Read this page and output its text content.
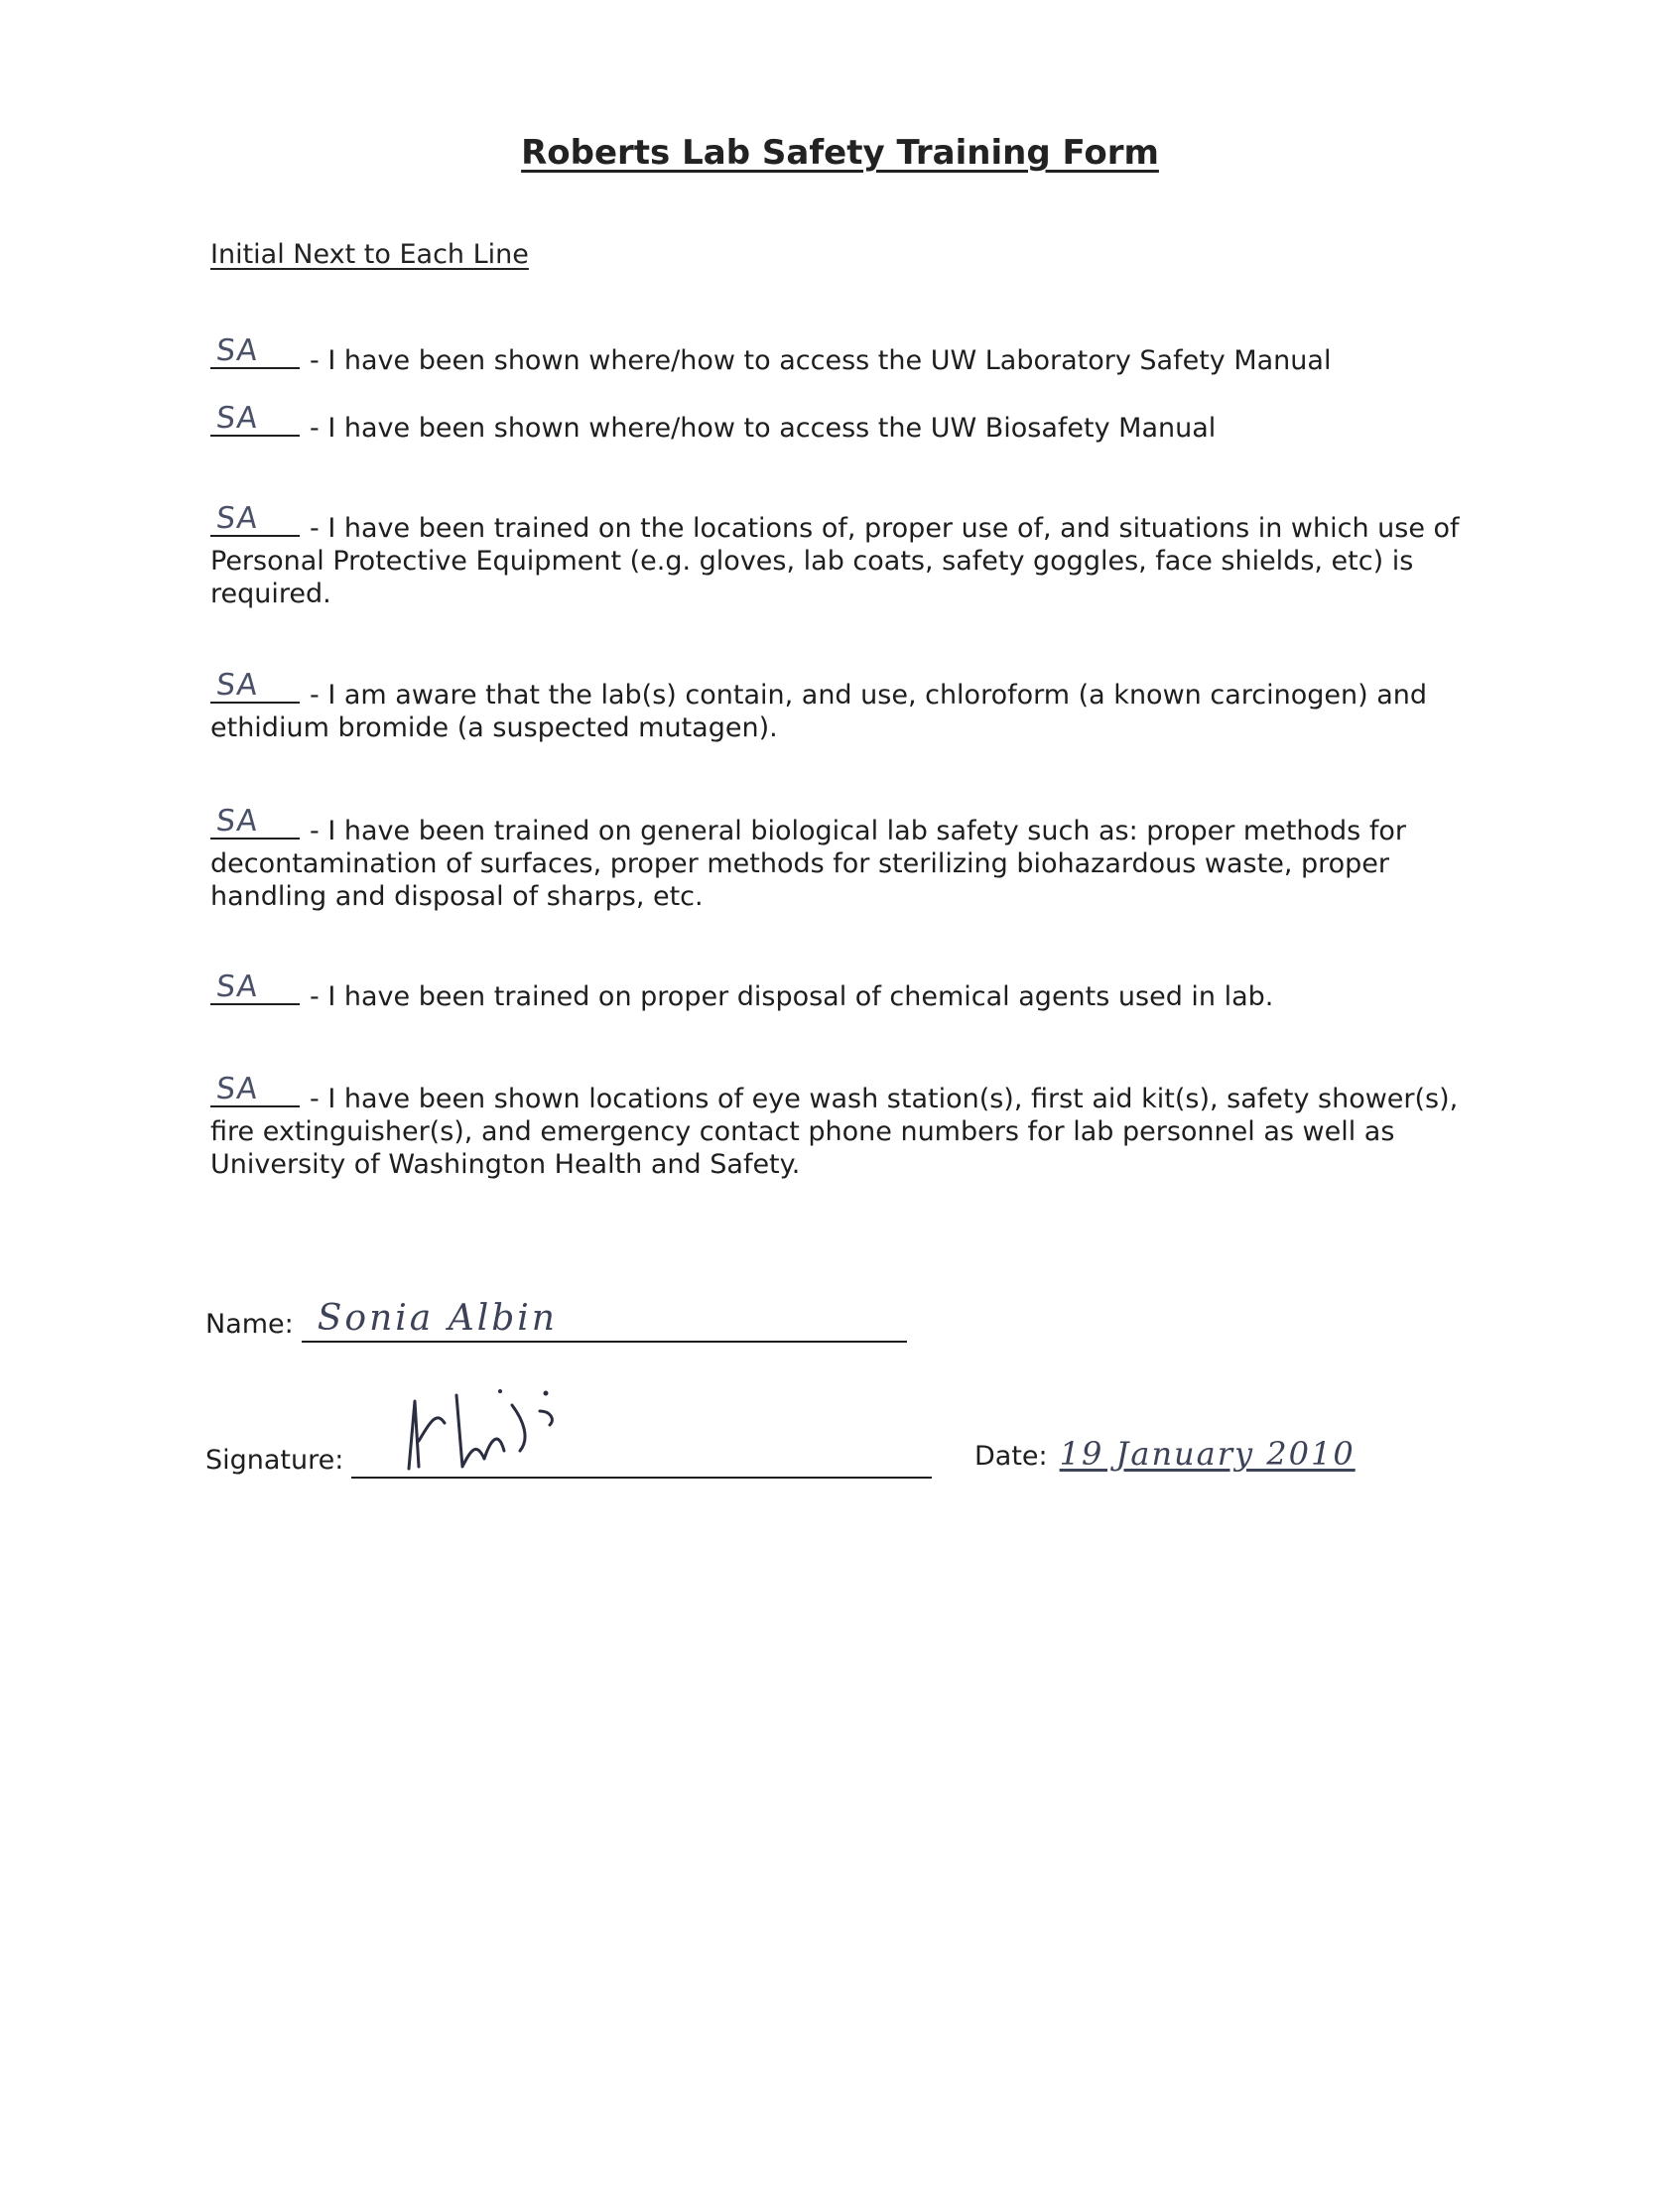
Roberts Lab Safety Training Form
Initial Next to Each Line
SA - I have been shown where/how to access the UW Laboratory Safety Manual
SA - I have been shown where/how to access the UW Biosafety Manual
SA - I have been trained on the locations of, proper use of, and situations in which use of Personal Protective Equipment (e.g. gloves, lab coats, safety goggles, face shields, etc) is required.
SA - I am aware that the lab(s) contain, and use, chloroform (a known carcinogen) and ethidium bromide (a suspected mutagen).
SA - I have been trained on general biological lab safety such as: proper methods for decontamination of surfaces, proper methods for sterilizing biohazardous waste, proper handling and disposal of sharps, etc.
SA - I have been trained on proper disposal of chemical agents used in lab.
SA - I have been shown locations of eye wash station(s), first aid kit(s), safety shower(s), fire extinguisher(s), and emergency contact phone numbers for lab personnel as well as University of Washington Health and Safety.
Name: Sonia Albin
Signature:	Date: 19 January 2010
